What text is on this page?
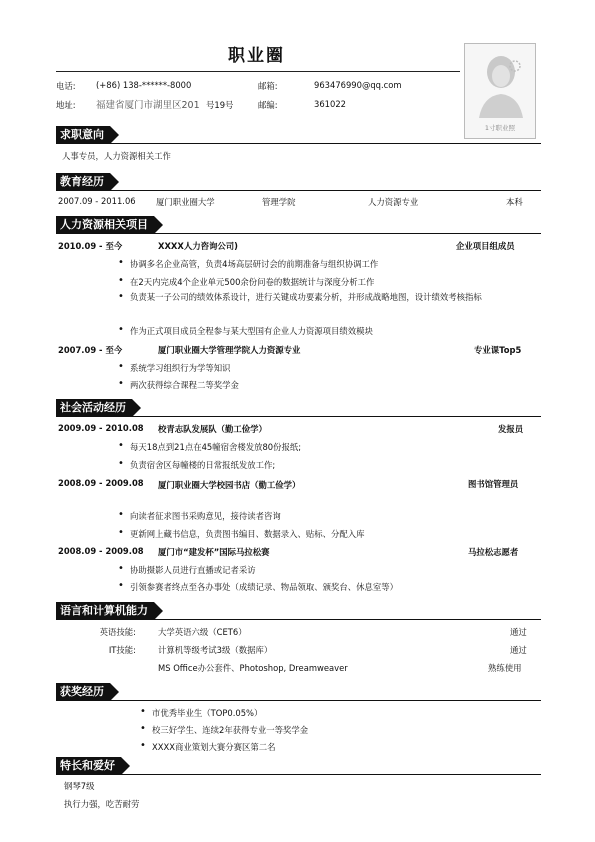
职业圈
电话: (+86) 138-******-8000	邮箱:	963476990@qq.com
地址: 福建省厦门市湖里区201 号19号	邮编:	361022
1寸职业照
求职意向
人事专员，人力资源相关工作
教育经历
2007.09 - 2011.06 厦门职业圈大学	管理学院	人力资源专业	本科
人力资源相关项目
2010.09 - 至今	XXXX人力咨询公司)	企业项目组成员
• 协调多名企业高管，负责4场高层研讨会的前期准备与组织协调工作
• 在2天内完成4个企业单元500余份问卷的数据统计与深度分析工作
• 负责某一子公司的绩效体系设计，进行关键成功要素分析，并形成战略地图，设计绩效考核指标
• 作为正式项目成员全程参与某大型国有企业人力资源项目绩效模块
2007.09 - 至今	厦门职业圈大学管理学院人力资源专业	专业课Top5
• 系统学习组织行为学等知识
• 两次获得综合课程二等奖学金
社会活动经历
2009.09 - 2010.08 校青志队发展队（勤工俭学）	发报员
• 每天18点到21点在45幢宿舍楼发放80份报纸;
• 负责宿舍区每幢楼的日常报纸发放工作;
2008.09 - 2009.08 厦门职业圈大学校园书店（勤工俭学）	图书馆管理员
• 向读者征求图书采购意见，接待读者咨询
• 更新网上藏书信息，负责图书编目、数据录入、贴标、分配入库
2008.09 - 2009.08 厦门市“建发杯”国际马拉松赛	马拉松志愿者
• 协助摄影人员进行直播或记者采访
• 引领参赛者终点至各办事处（成绩记录、物品领取、颁奖台、休息室等）
语言和计算机能力
英语技能:	大学英语六级（CET6）	通过
IT技能:	计算机等级考试3级（数据库）	通过
MS Office办公套件、Photoshop, Dreamweaver	熟练使用
获奖经历
• 市优秀毕业生（TOP0.05%）
• 校三好学生、连续2年获得专业一等奖学金
• XXXX商业策划大赛分赛区第二名
特长和爱好
钢琴7级
执行力强，吃苦耐劳
